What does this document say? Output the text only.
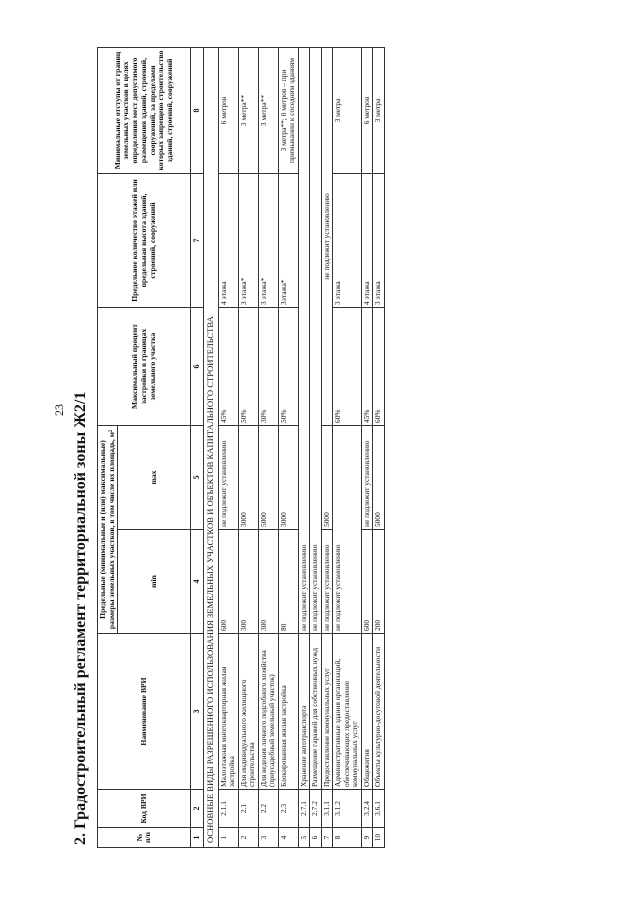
23 2. Градостроительный регламент территориальной зоны Ж2/1	№ п/п	Код ВРИ	Наименование ВРИ	Предельные (минимальные и (или) максимальные) размеры земельных участков, в том числе их площадь, м²		Максимальный процент застройки в границах земельного участка	Предельное количество этажей или предельная высота зданий, строений, сооружений	Минимальные отступы от границ земельных участков в целях определения мест допустимого размещения зданий, строений, сооружений, за пределами которых запрещено строительство зданий, строений, сооружений
			min	max			
1	2	3	4	5	6	7	8
ОСНОВНЫЕ ВИДЫ РАЗРЕШЕННОГО ИСПОЛЬЗОВАНИЯ ЗЕМЕЛЬНЫХ УЧАСТКОВ И ОБЪЕКТОВ КАПИТАЛЬНОГО СТРОИТЕЛЬСТВА							
1	2.1.1	Малоэтажная многоквартирная жилая застройка	600	не подлежит установлению	45%	4 этажа	6 метров
2	2.1	Для индивидуального жилищного строительства	300	3000	50%	3 этажа*	3 метра**
3	2.2	Для ведения личного подсобного хозяйства (приусадебный земельный участок)	300	5000	30%	3 этажа*	3 метра**
4	2.3	Блокированная жилая застройка	80	3000	50%	3этажа*	3 метра**; 0 метров – при примыкании к соседним зданиям
5	2.7.1	Хранение автотранспорта	не подлежит установлению				
6	2.7.2	Размещение гаражей для собственных нужд	не подлежит установлению				
7	3.1.1	Предоставление коммунальных услуг	не подлежит установлению	5000	не подлежит установлению		
8	3.1.2	Административные здания организаций, обеспечивающих предоставление коммунальных услуг	не подлежит установлению		60%	3 этажа	3 метра
9	3.2.4	Общежития	600	не подлежит установлению	45%	4 этажа	6 метров
10	3.6.1	Объекты культурно-досуговой деятельности	200	5000	60%	3 этажа	3 метра
